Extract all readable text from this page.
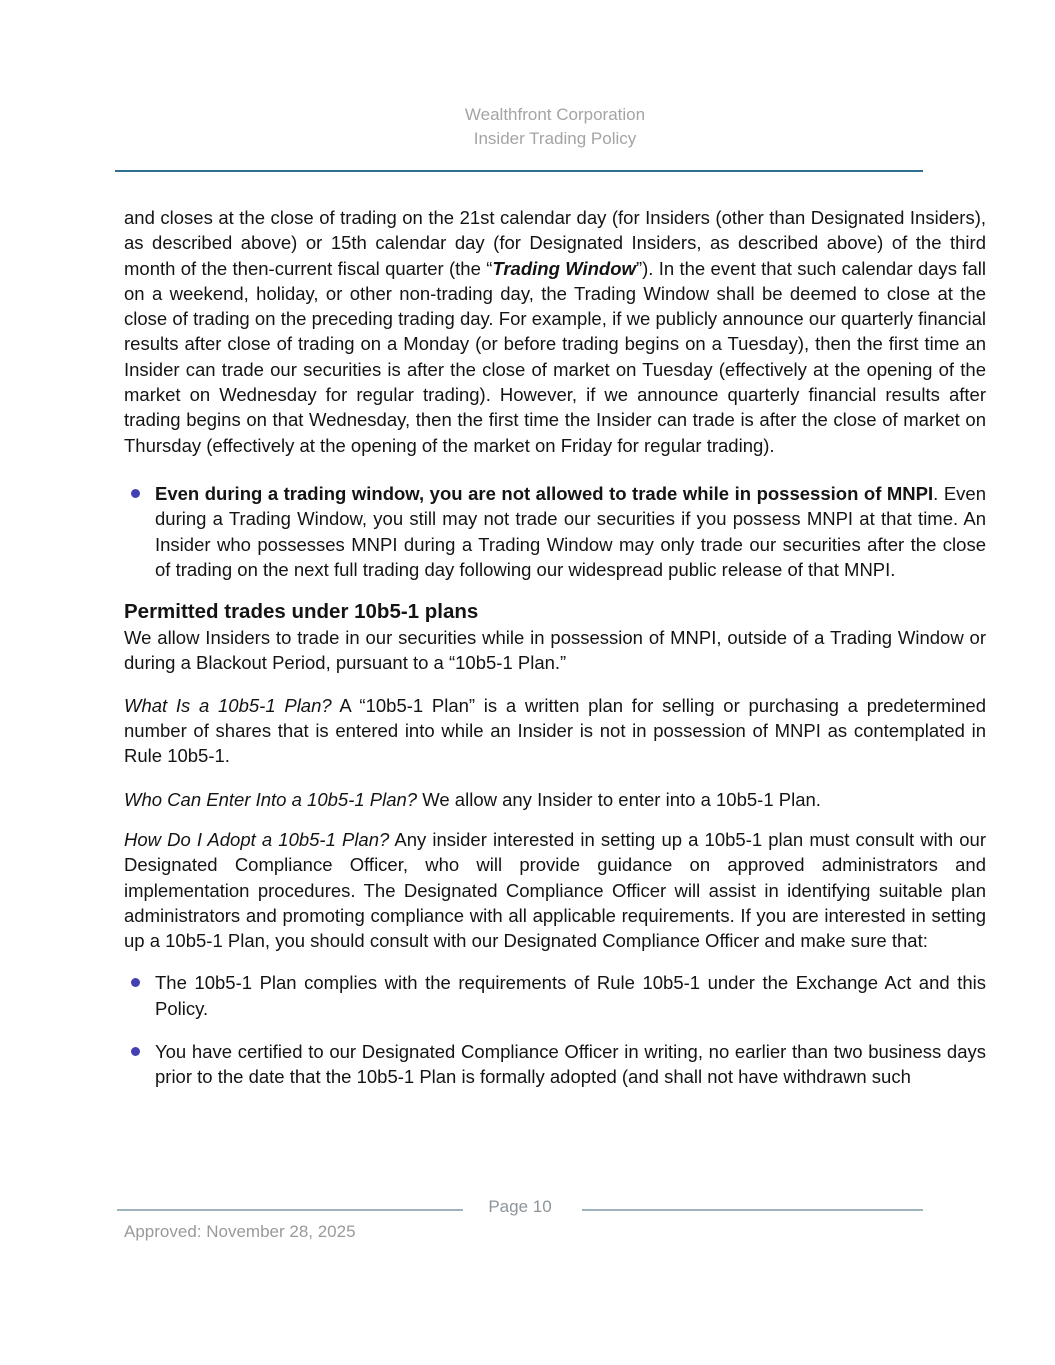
Wealthfront Corporation
Insider Trading Policy

and closes at the close of trading on the 21st calendar day (for Insiders (other than Designated Insiders), as described above) or 15th calendar day (for Designated Insiders, as described above) of the third month of the then-current fiscal quarter (the “Trading Window”). In the event that such calendar days fall on a weekend, holiday, or other non-trading day, the Trading Window shall be deemed to close at the close of trading on the preceding trading day. For example, if we publicly announce our quarterly financial results after close of trading on a Monday (or before trading begins on a Tuesday), then the first time an Insider can trade our securities is after the close of market on Tuesday (effectively at the opening of the market on Wednesday for regular trading). However, if we announce quarterly financial results after trading begins on that Wednesday, then the first time the Insider can trade is after the close of market on Thursday (effectively at the opening of the market on Friday for regular trading).

Even during a trading window, you are not allowed to trade while in possession of MNPI. Even during a Trading Window, you still may not trade our securities if you possess MNPI at that time. An Insider who possesses MNPI during a Trading Window may only trade our securities after the close of trading on the next full trading day following our widespread public release of that MNPI.
Permitted trades under 10b5-1 plans

We allow Insiders to trade in our securities while in possession of MNPI, outside of a Trading Window or during a Blackout Period, pursuant to a “10b5-1 Plan.”

What Is a 10b5-1 Plan? A “10b5-1 Plan” is a written plan for selling or purchasing a predetermined number of shares that is entered into while an Insider is not in possession of MNPI as contemplated in Rule 10b5-1.

Who Can Enter Into a 10b5-1 Plan? We allow any Insider to enter into a 10b5-1 Plan.

How Do I Adopt a 10b5-1 Plan? Any insider interested in setting up a 10b5-1 plan must consult with our Designated Compliance Officer, who will provide guidance on approved administrators and implementation procedures. The Designated Compliance Officer will assist in identifying suitable plan administrators and promoting compliance with all applicable requirements. If you are interested in setting up a 10b5-1 Plan, you should consult with our Designated Compliance Officer and make sure that:

The 10b5-1 Plan complies with the requirements of Rule 10b5-1 under the Exchange Act and this Policy.
You have certified to our Designated Compliance Officer in writing, no earlier than two business days prior to the date that the 10b5-1 Plan is formally adopted (and shall not have withdrawn such
Page 10
Approved: November 28, 2025
